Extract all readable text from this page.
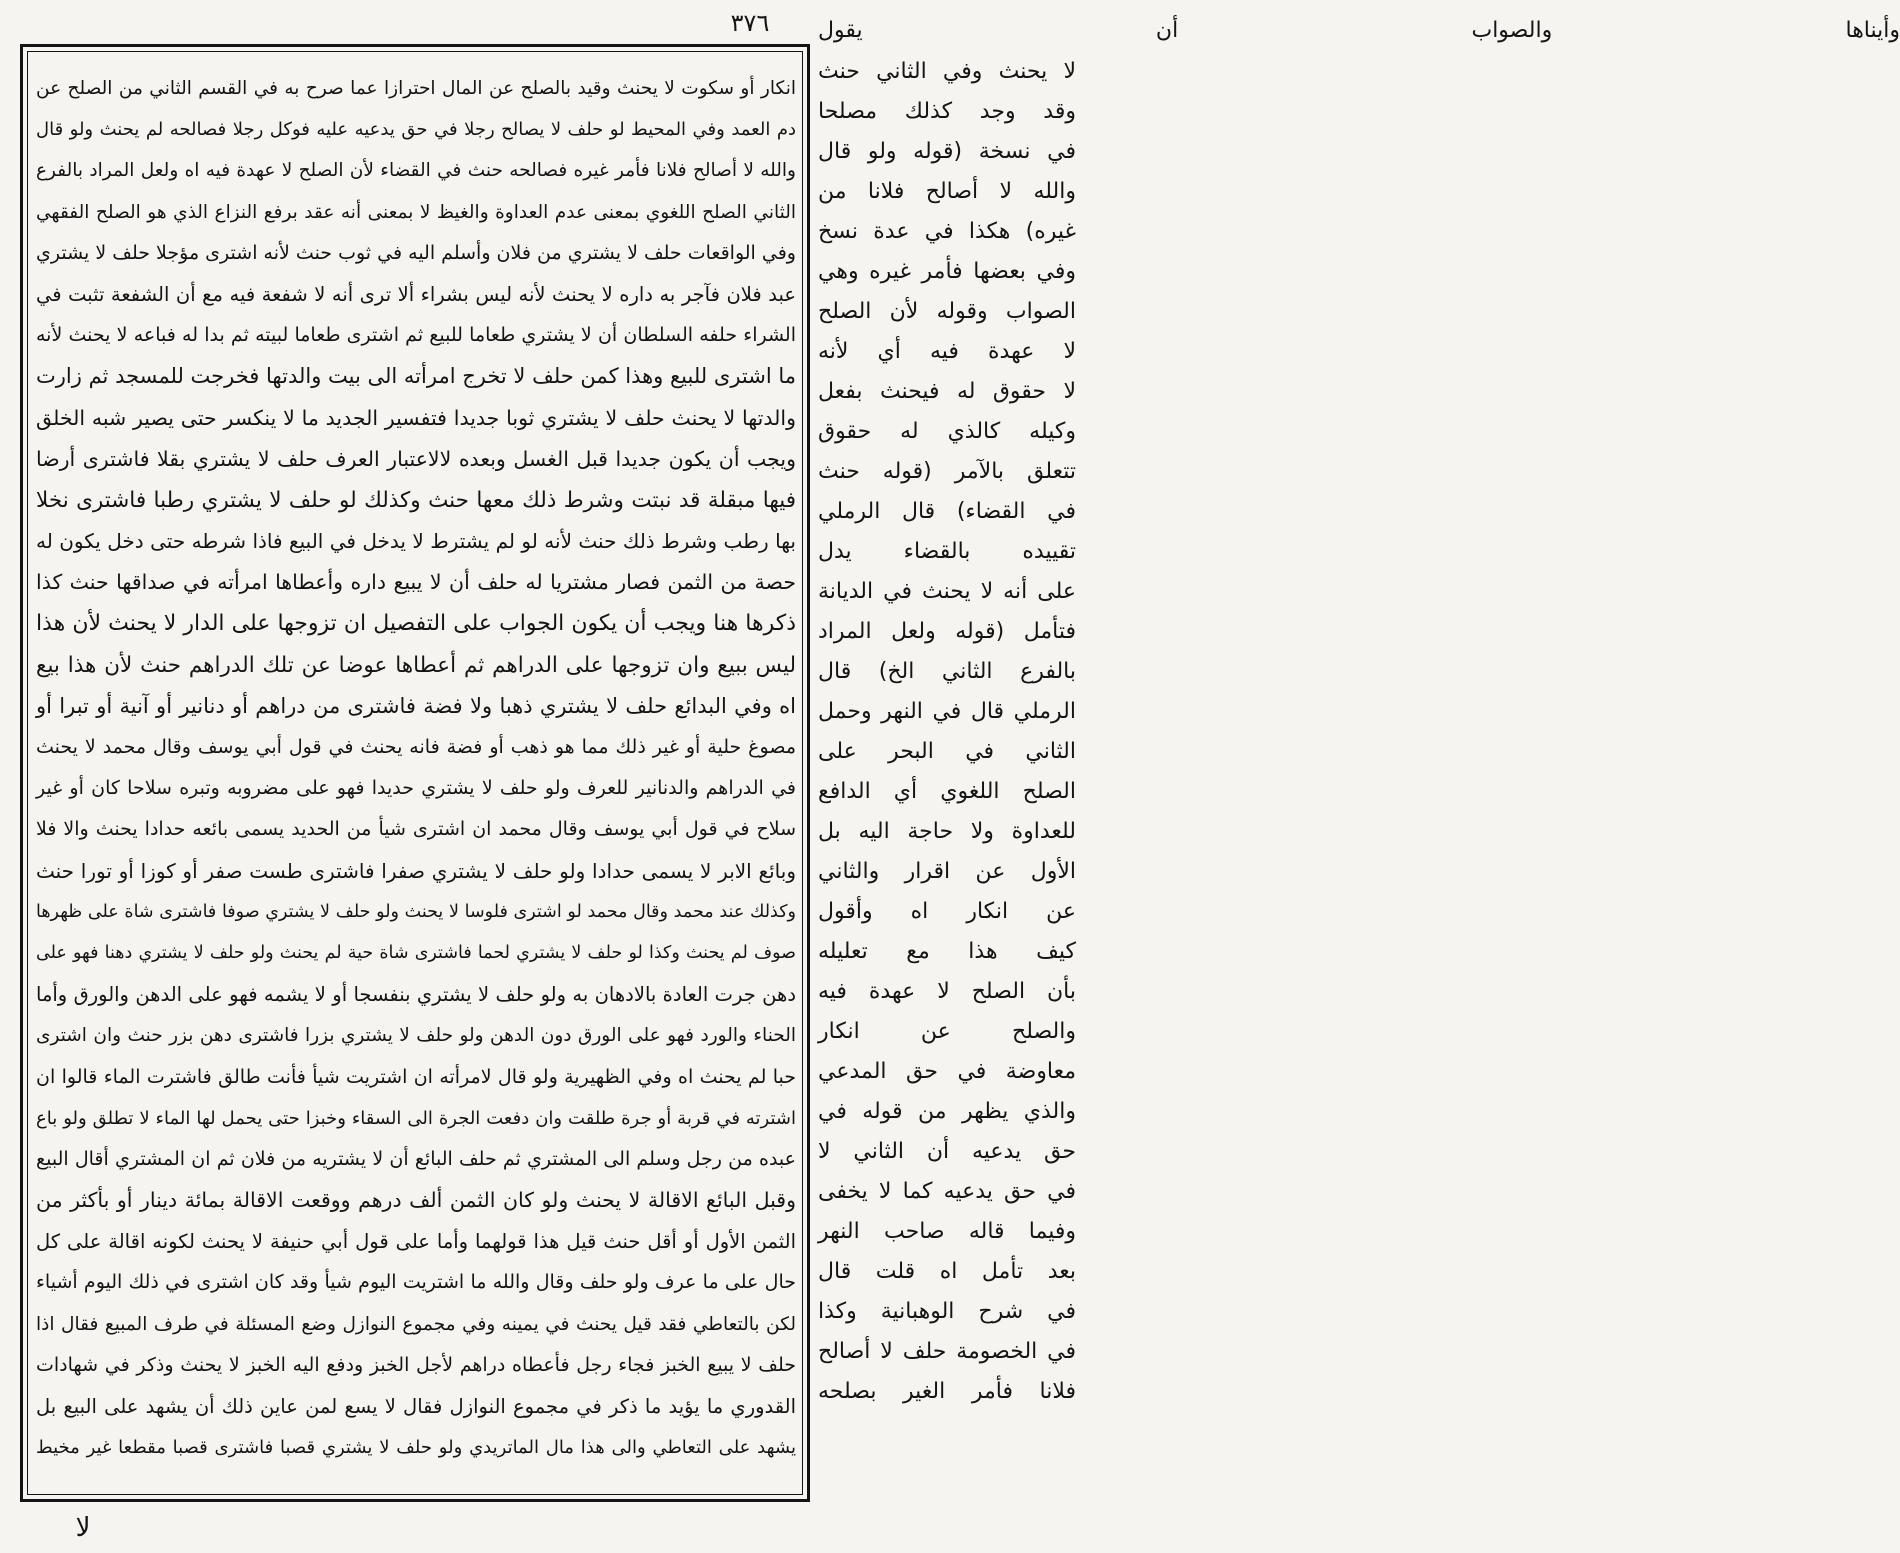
٣٧٦	وأيناها والصواب أن يقول
لا يحنث وفي الثاني حنث
وقد وجد كذلك مصلحا
في نسخة (قوله ولو قال
والله لا أصالح فلانا من
غيره) هكذا في عدة نسخ
وفي بعضها فأمر غيره وهي
الصواب وقوله لأن الصلح
لا عهدة فيه أي لأنه
لا حقوق له فيحنث بفعل
وكيله كالذي له حقوق
تتعلق بالآمر (قوله حنث
في القضاء) قال الرملي
تقييده بالقضاء يدل
على أنه لا يحنث في الديانة
فتأمل (قوله ولعل المراد
بالفرع الثاني الخ) قال
الرملي قال في النهر وحمل
الثاني في البحر على
الصلح اللغوي أي الدافع
للعداوة ولا حاجة اليه بل
الأول عن اقرار والثاني
عن انكار اه وأقول
كيف هذا مع تعليله
بأن الصلح لا عهدة فيه
والصلح عن انكار
معاوضة في حق المدعي
والذي يظهر من قوله في
حق يدعيه أن الثاني لا
في حق يدعيه كما لا يخفى
وفيما قاله صاحب النهر
بعد تأمل اه قلت قال
في شرح الوهبانية وكذا
في الخصومة حلف لا أصالح
فلانا فأمر الغير بصلحه
انكار أو سكوت لا يحنث وقيد بالصلح عن المال احترازا عما صرح به في القسم الثاني من الصلح عن
دم العمد وفي المحيط لو حلف لا يصالح رجلا في حق يدعيه عليه فوكل رجلا فصالحه لم يحنث ولو قال
والله لا أصالح فلانا فأمر غيره فصالحه حنث في القضاء لأن الصلح لا عهدة فيه اه ولعل المراد بالفرع
الثاني الصلح اللغوي بمعنى عدم العداوة والغيظ لا بمعنى أنه عقد برفع النزاع الذي هو الصلح الفقهي
وفي الواقعات حلف لا يشتري من فلان وأسلم اليه في ثوب حنث لأنه اشترى مؤجلا حلف لا يشتري
عبد فلان فآجر به داره لا يحنث لأنه ليس بشراء ألا ترى أنه لا شفعة فيه مع أن الشفعة تثبت في
الشراء حلفه السلطان أن لا يشتري طعاما للبيع ثم اشترى طعاما لبيته ثم بدا له فباعه لا يحنث لأنه
ما اشترى للبيع وهذا كمن حلف لا تخرج امرأته الى بيت والدتها فخرجت للمسجد ثم زارت
والدتها لا يحنث حلف لا يشتري ثوبا جديدا فتفسير الجديد ما لا ينكسر حتى يصير شبه الخلق
ويجب أن يكون جديدا قبل الغسل وبعده لالاعتبار العرف حلف لا يشتري بقلا فاشترى أرضا
فيها مبقلة قد نبتت وشرط ذلك معها حنث وكذلك لو حلف لا يشتري رطبا فاشترى نخلا
بها رطب وشرط ذلك حنث لأنه لو لم يشترط لا يدخل في البيع فاذا شرطه حتى دخل يكون له
حصة من الثمن فصار مشتريا له حلف أن لا يبيع داره وأعطاها امرأته في صداقها حنث كذا
ذكرها هنا ويجب أن يكون الجواب على التفصيل ان تزوجها على الدار لا يحنث لأن هذا
ليس ببيع وان تزوجها على الدراهم ثم أعطاها عوضا عن تلك الدراهم حنث لأن هذا بيع
اه وفي البدائع حلف لا يشتري ذهبا ولا فضة فاشترى من دراهم أو دنانير أو آنية أو تبرا أو
مصوغ حلية أو غير ذلك مما هو ذهب أو فضة فانه يحنث في قول أبي يوسف وقال محمد لا يحنث
في الدراهم والدنانير للعرف ولو حلف لا يشتري حديدا فهو على مضروبه وتبره سلاحا كان أو غير
سلاح في قول أبي يوسف وقال محمد ان اشترى شيأ من الحديد يسمى بائعه حدادا يحنث والا فلا
وبائع الابر لا يسمى حدادا ولو حلف لا يشتري صفرا فاشترى طست صفر أو كوزا أو تورا حنث
وكذلك عند محمد وقال محمد لو اشترى فلوسا لا يحنث ولو حلف لا يشتري صوفا فاشترى شاة على ظهرها
صوف لم يحنث وكذا لو حلف لا يشتري لحما فاشترى شاة حية لم يحنث ولو حلف لا يشتري دهنا فهو على
دهن جرت العادة بالادهان به ولو حلف لا يشتري بنفسجا أو لا يشمه فهو على الدهن والورق وأما
الحناء والورد فهو على الورق دون الدهن ولو حلف لا يشتري بزرا فاشترى دهن بزر حنث وان اشترى
حبا لم يحنث اه وفي الظهيرية ولو قال لامرأته ان اشتريت شيأ فأنت طالق فاشترت الماء قالوا ان
اشترته في قربة أو جرة طلقت وان دفعت الجرة الى السقاء وخبزا حتى يحمل لها الماء لا تطلق ولو باع
عبده من رجل وسلم الى المشتري ثم حلف البائع أن لا يشتريه من فلان ثم ان المشتري أقال البيع
وقبل البائع الاقالة لا يحنث ولو كان الثمن ألف درهم ووقعت الاقالة بمائة دينار أو بأكثر من
الثمن الأول أو أقل حنث قيل هذا قولهما وأما على قول أبي حنيفة لا يحنث لكونه اقالة على كل
حال على ما عرف ولو حلف وقال والله ما اشتريت اليوم شيأ وقد كان اشترى في ذلك اليوم أشياء
لكن بالتعاطي فقد قيل يحنث في يمينه وفي مجموع النوازل وضع المسئلة في طرف المبيع فقال اذا
حلف لا يبيع الخبز فجاء رجل فأعطاه دراهم لأجل الخبز ودفع اليه الخبز لا يحنث وذكر في شهادات
القدوري ما يؤيد ما ذكر في مجموع النوازل فقال لا يسع لمن عاين ذلك أن يشهد على البيع بل
يشهد على التعاطي والى هذا مال الماتريدي ولو حلف لا يشتري قصبا فاشترى قصبا مقطعا غير مخيط
لا
